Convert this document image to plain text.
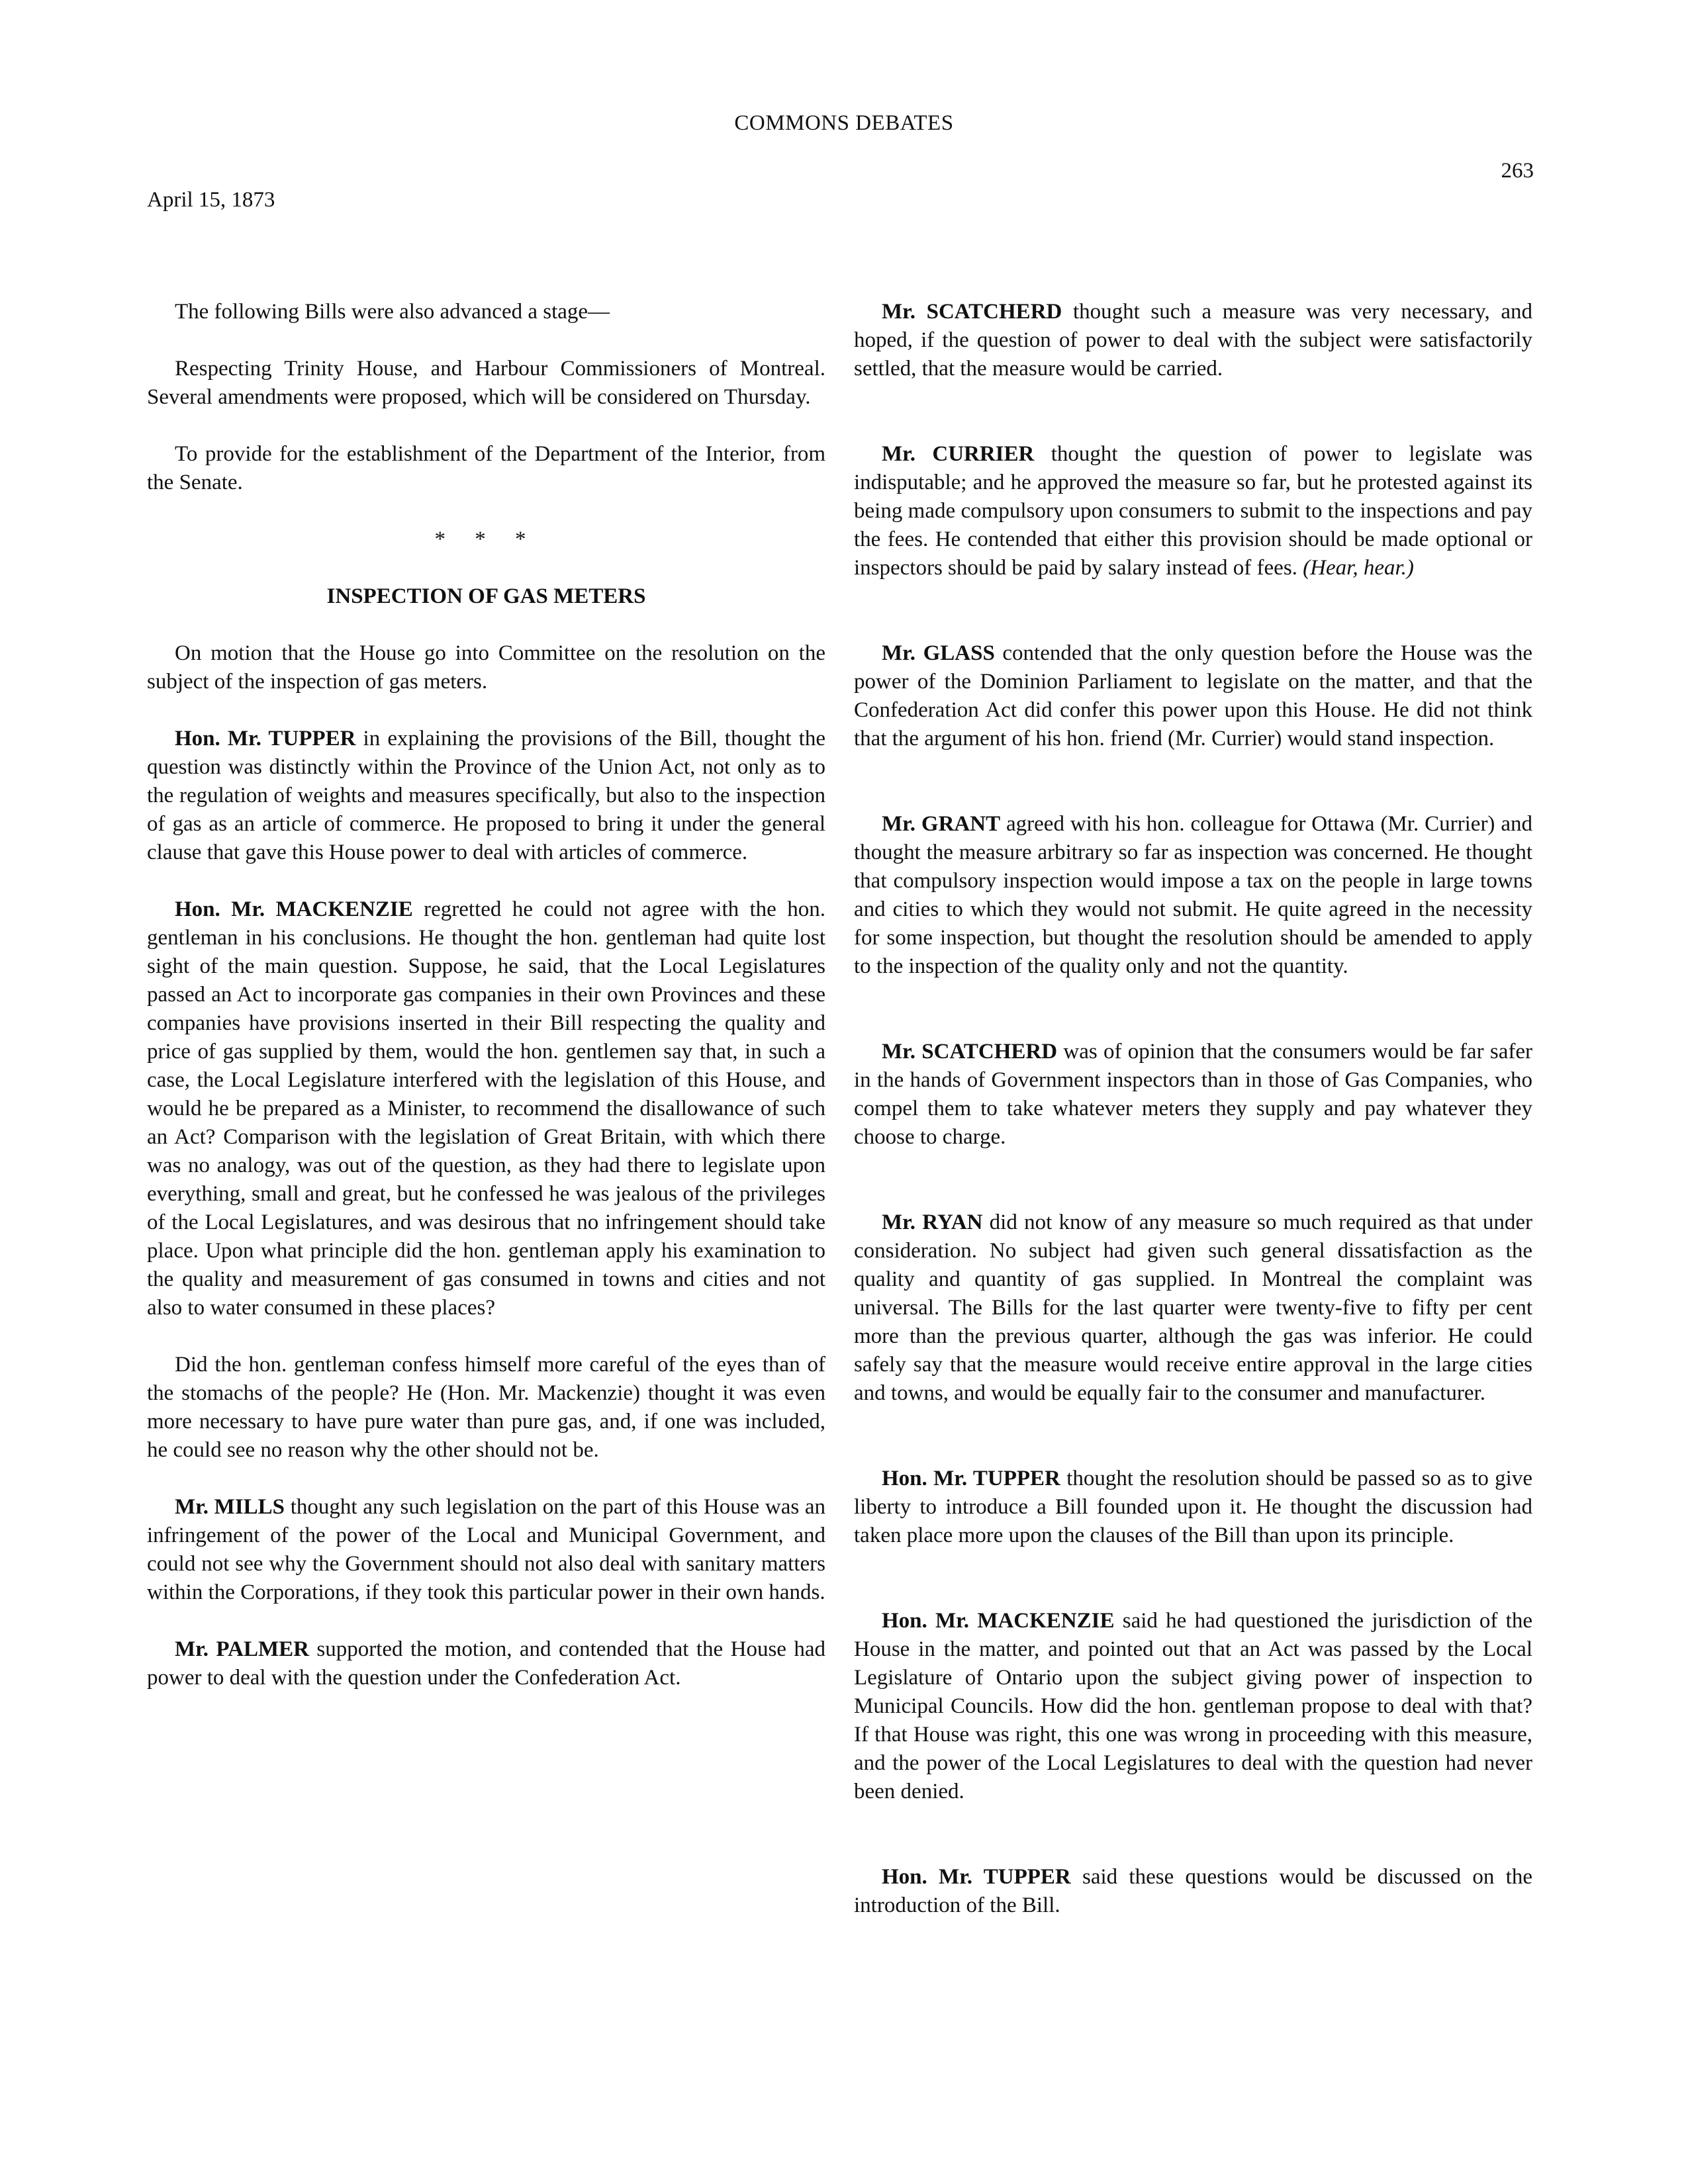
COMMONS DEBATES
263
April 15, 1873

The following Bills were also advanced a stage—

Respecting Trinity House, and Harbour Commissioners of Montreal. Several amendments were proposed, which will be considered on Thursday.

To provide for the establishment of the Department of the Interior, from the Senate.

* * *
INSPECTION OF GAS METERS

On motion that the House go into Committee on the resolution on the subject of the inspection of gas meters.

Hon. Mr. TUPPER in explaining the provisions of the Bill, thought the question was distinctly within the Province of the Union Act, not only as to the regulation of weights and measures specifically, but also to the inspection of gas as an article of commerce. He proposed to bring it under the general clause that gave this House power to deal with articles of commerce.

Hon. Mr. MACKENZIE regretted he could not agree with the hon. gentleman in his conclusions. He thought the hon. gentleman had quite lost sight of the main question. Suppose, he said, that the Local Legislatures passed an Act to incorporate gas companies in their own Provinces and these companies have provisions inserted in their Bill respecting the quality and price of gas supplied by them, would the hon. gentlemen say that, in such a case, the Local Legislature interfered with the legislation of this House, and would he be prepared as a Minister, to recommend the disallowance of such an Act? Comparison with the legislation of Great Britain, with which there was no analogy, was out of the question, as they had there to legislate upon everything, small and great, but he confessed he was jealous of the privileges of the Local Legislatures, and was desirous that no infringement should take place. Upon what principle did the hon. gentleman apply his examination to the quality and measurement of gas consumed in towns and cities and not also to water consumed in these places?

Did the hon. gentleman confess himself more careful of the eyes than of the stomachs of the people? He (Hon. Mr. Mackenzie) thought it was even more necessary to have pure water than pure gas, and, if one was included, he could see no reason why the other should not be.

Mr. MILLS thought any such legislation on the part of this House was an infringement of the power of the Local and Municipal Government, and could not see why the Government should not also deal with sanitary matters within the Corporations, if they took this particular power in their own hands.

Mr. PALMER supported the motion, and contended that the House had power to deal with the question under the Confederation Act.

Mr. SCATCHERD thought such a measure was very necessary, and hoped, if the question of power to deal with the subject were satisfactorily settled, that the measure would be carried.

Mr. CURRIER thought the question of power to legislate was indisputable; and he approved the measure so far, but he protested against its being made compulsory upon consumers to submit to the inspections and pay the fees. He contended that either this provision should be made optional or inspectors should be paid by salary instead of fees. (Hear, hear.)

Mr. GLASS contended that the only question before the House was the power of the Dominion Parliament to legislate on the matter, and that the Confederation Act did confer this power upon this House. He did not think that the argument of his hon. friend (Mr. Currier) would stand inspection.

Mr. GRANT agreed with his hon. colleague for Ottawa (Mr. Currier) and thought the measure arbitrary so far as inspection was concerned. He thought that compulsory inspection would impose a tax on the people in large towns and cities to which they would not submit. He quite agreed in the necessity for some inspection, but thought the resolution should be amended to apply to the inspection of the quality only and not the quantity.

Mr. SCATCHERD was of opinion that the consumers would be far safer in the hands of Government inspectors than in those of Gas Companies, who compel them to take whatever meters they supply and pay whatever they choose to charge.

Mr. RYAN did not know of any measure so much required as that under consideration. No subject had given such general dissatisfaction as the quality and quantity of gas supplied. In Montreal the complaint was universal. The Bills for the last quarter were twenty-five to fifty per cent more than the previous quarter, although the gas was inferior. He could safely say that the measure would receive entire approval in the large cities and towns, and would be equally fair to the consumer and manufacturer.

Hon. Mr. TUPPER thought the resolution should be passed so as to give liberty to introduce a Bill founded upon it. He thought the discussion had taken place more upon the clauses of the Bill than upon its principle.

Hon. Mr. MACKENZIE said he had questioned the jurisdiction of the House in the matter, and pointed out that an Act was passed by the Local Legislature of Ontario upon the subject giving power of inspection to Municipal Councils. How did the hon. gentleman propose to deal with that? If that House was right, this one was wrong in proceeding with this measure, and the power of the Local Legislatures to deal with the question had never been denied.

Hon. Mr. TUPPER said these questions would be discussed on the introduction of the Bill.
